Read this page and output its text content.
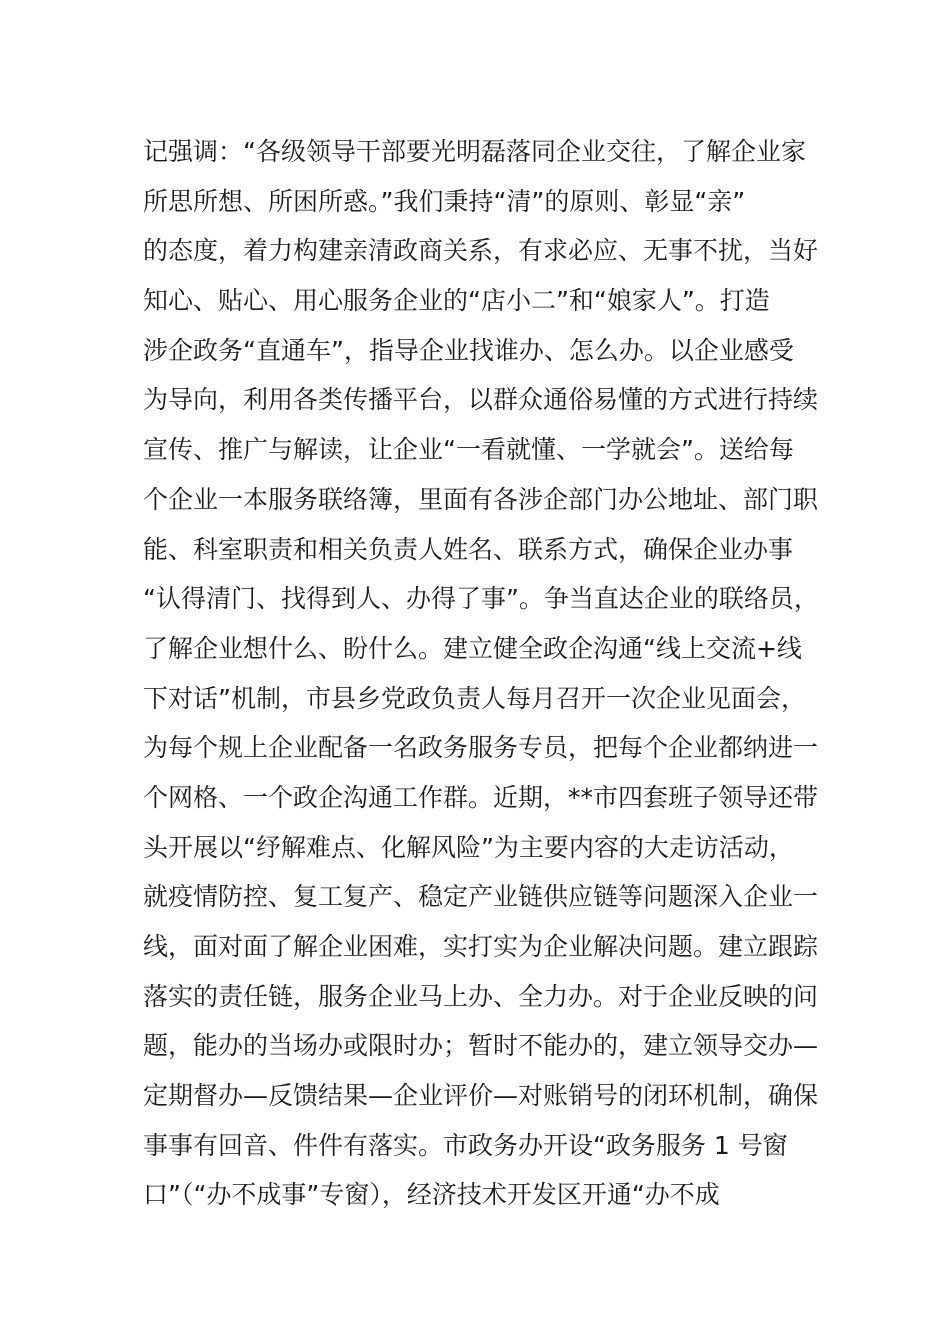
记强调：“各级领导干部要光明磊落同企业交往，了解企业家
所思所想、所困所惑。”我们秉持“清”的原则、彰显“亲”
的态度，着力构建亲清政商关系，有求必应、无事不扰，当好
知心、贴心、用心服务企业的“店小二”和“娘家人”。打造
涉企政务“直通车”，指导企业找谁办、怎么办。以企业感受
为导向，利用各类传播平台，以群众通俗易懂的方式进行持续
宣传、推广与解读，让企业“一看就懂、一学就会”。送给每
个企业一本服务联络簿，里面有各涉企部门办公地址、部门职
能、科室职责和相关负责人姓名、联系方式，确保企业办事
“认得清门、找得到人、办得了事”。争当直达企业的联络员，
了解企业想什么、盼什么。建立健全政企沟通“线上交流+线
下对话”机制，市县乡党政负责人每月召开一次企业见面会，
为每个规上企业配备一名政务服务专员，把每个企业都纳进一
个网格、一个政企沟通工作群。近期，**市四套班子领导还带
头开展以“纾解难点、化解风险”为主要内容的大走访活动，
就疫情防控、复工复产、稳定产业链供应链等问题深入企业一
线，面对面了解企业困难，实打实为企业解决问题。建立跟踪
落实的责任链，服务企业马上办、全力办。对于企业反映的问
题，能办的当场办或限时办；暂时不能办的，建立领导交办—
定期督办—反馈结果—企业评价—对账销号的闭环机制，确保
事事有回音、件件有落实。市政务办开设“政务服务 1 号窗
口”（“办不成事”专窗），经济技术开发区开通“办不成
